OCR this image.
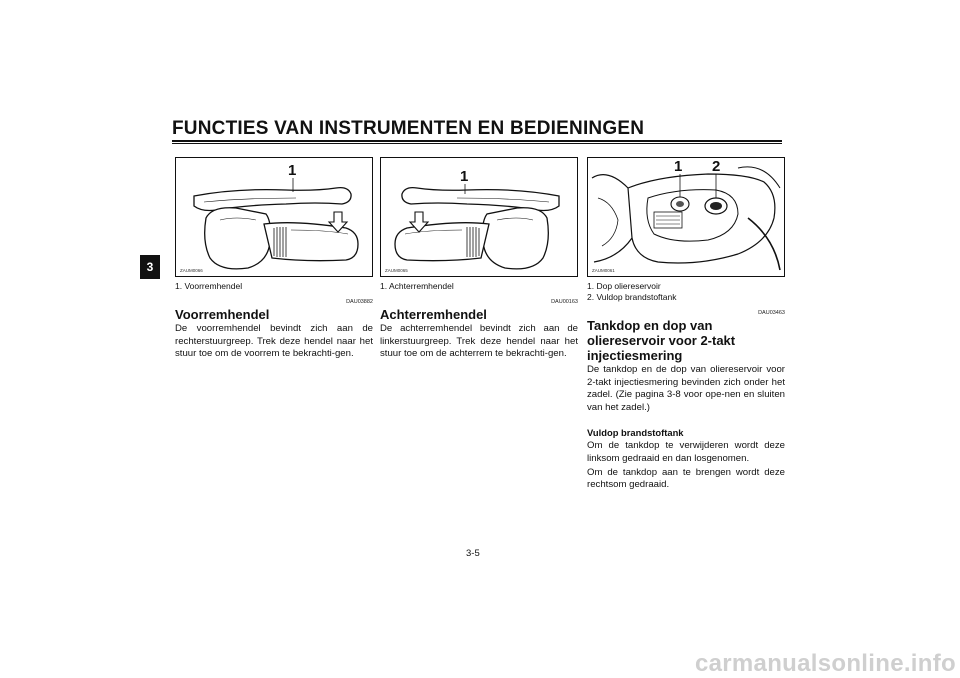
FUNCTIES VAN INSTRUMENTEN EN BEDIENINGEN
3
1
ZAUM0066
1. Voorremhendel
DAU03882
Voorremhendel
De voorremhendel bevindt zich aan de rechterstuurgreep. Trek deze hendel naar het stuur toe om de voorrem te bekrachti-gen.
1
ZAUM0065
1. Achterremhendel
DAU00163
Achterremhendel
De achterremhendel bevindt zich aan de linkerstuurgreep. Trek deze hendel naar het stuur toe om de achterrem te bekrachti-gen.
1 2
ZAUM0061
1. Dop oliereservoir
2. Vuldop brandstoftank
DAU03463
Tankdop en dop van oliereservoir voor 2-takt injectiesmering
De tankdop en de dop van oliereservoir voor 2-takt injectiesmering bevinden zich onder het zadel. (Zie pagina 3-8 voor ope-nen en sluiten van het zadel.)
Vuldop brandstoftank
Om de tankdop te verwijderen wordt deze linksom gedraaid en dan losgenomen.
Om de tankdop aan te brengen wordt deze rechtsom gedraaid.
3-5
carmanualsonline.info
